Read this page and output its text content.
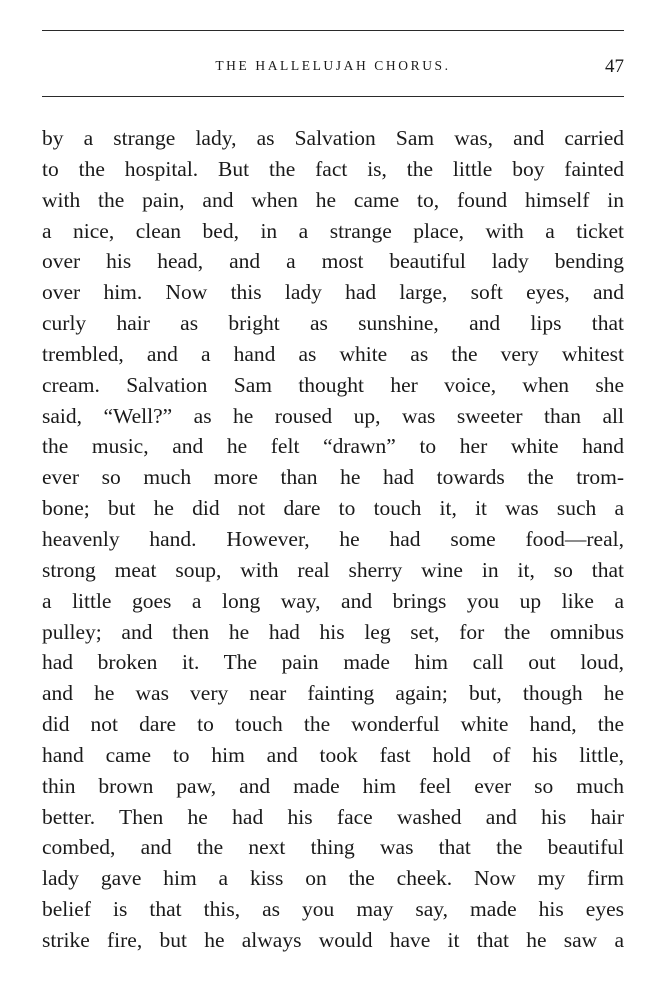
THE HALLELUJAH CHORUS.	47
by a strange lady, as Salvation Sam was, and carried
to the hospital. But the fact is, the little boy fainted
with the pain, and when he came to, found himself in
a nice, clean bed, in a strange place, with a ticket
over his head, and a most beautiful lady bending
over him. Now this lady had large, soft eyes, and
curly hair as bright as sunshine, and lips that
trembled, and a hand as white as the very whitest
cream. Salvation Sam thought her voice, when she
said, “Well?” as he roused up, was sweeter than all
the music, and he felt “drawn” to her white hand
ever so much more than he had towards the trom-
bone; but he did not dare to touch it, it was such a
heavenly hand. However, he had some food—real,
strong meat soup, with real sherry wine in it, so that
a little goes a long way, and brings you up like a
pulley; and then he had his leg set, for the omnibus
had broken it. The pain made him call out loud,
and he was very near fainting again; but, though he
did not dare to touch the wonderful white hand, the
hand came to him and took fast hold of his little,
thin brown paw, and made him feel ever so much
better. Then he had his face washed and his hair
combed, and the next thing was that the beautiful
lady gave him a kiss on the cheek. Now my firm
belief is that this, as you may say, made his eyes
strike fire, but he always would have it that he saw a
